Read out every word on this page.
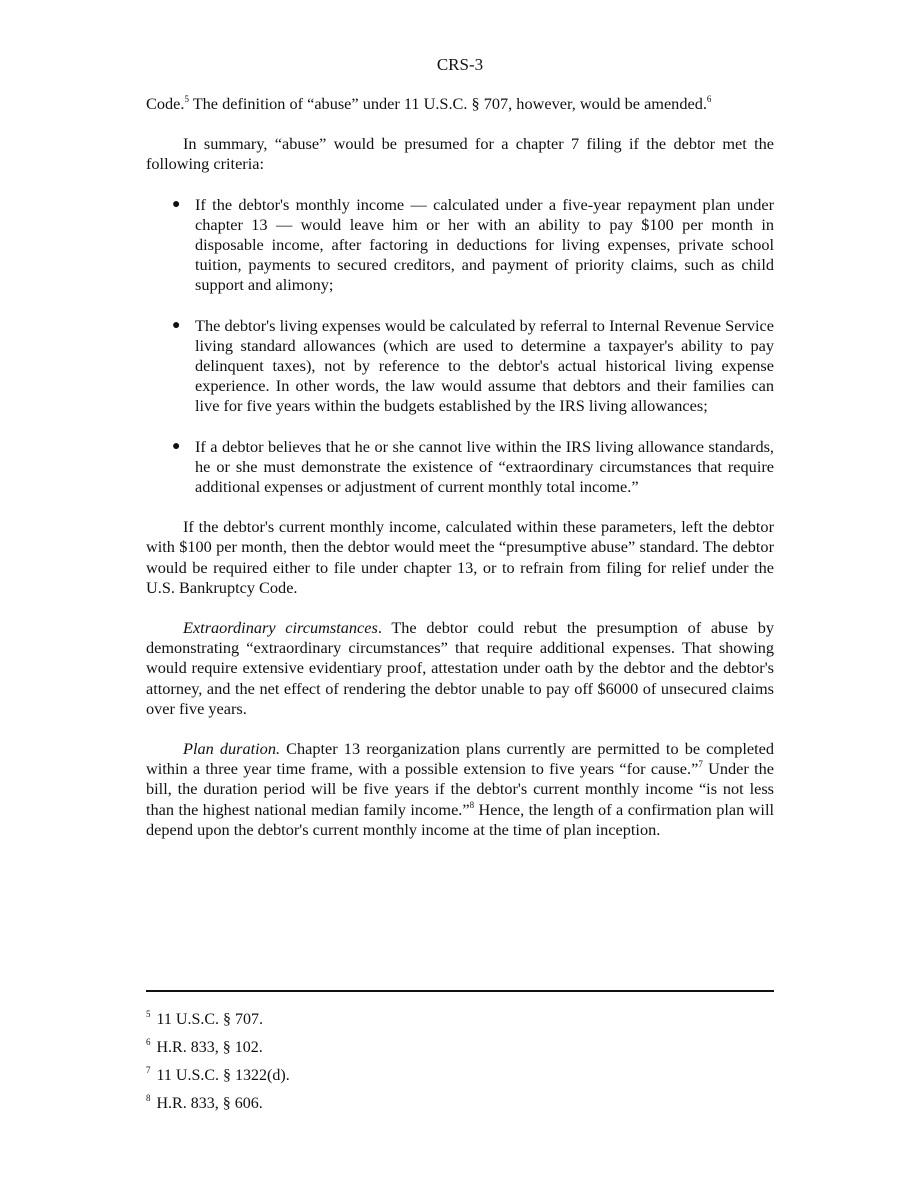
CRS-3

Code.$^5$ The definition of “abuse” under 11 U.S.C. § 707, however, would be amended.$^6$

In summary, “abuse” would be presumed for a chapter 7 filing if the debtor met the following criteria:

● If the debtor's monthly income — calculated under a five-year repayment plan under chapter 13 — would leave him or her with an ability to pay $100 per month in disposable income, after factoring in deductions for living expenses, private school tuition, payments to secured creditors, and payment of priority claims, such as child support and alimony;
● The debtor's living expenses would be calculated by referral to Internal Revenue Service living standard allowances (which are used to determine a taxpayer's ability to pay delinquent taxes), not by reference to the debtor's actual historical living expense experience. In other words, the law would assume that debtors and their families can live for five years within the budgets established by the IRS living allowances;
● If a debtor believes that he or she cannot live within the IRS living allowance standards, he or she must demonstrate the existence of “extraordinary circumstances that require additional expenses or adjustment of current monthly total income.”

If the debtor's current monthly income, calculated within these parameters, left the debtor with $100 per month, then the debtor would meet the “presumptive abuse” standard. The debtor would be required either to file under chapter 13, or to refrain from filing for relief under the U.S. Bankruptcy Code.

Extraordinary circumstances. The debtor could rebut the presumption of abuse by demonstrating “extraordinary circumstances” that require additional expenses. That showing would require extensive evidentiary proof, attestation under oath by the debtor and the debtor's attorney, and the net effect of rendering the debtor unable to pay off $6000 of unsecured claims over five years.

Plan duration. Chapter 13 reorganization plans currently are permitted to be completed within a three year time frame, with a possible extension to five years “for cause.”$^7$ Under the bill, the duration period will be five years if the debtor's current monthly income “is not less than the highest national median family income.”$^8$ Hence, the length of a confirmation plan will depend upon the debtor's current monthly income at the time of plan inception.

$^5$ 11 U.S.C. § 707.
$^6$ H.R. 833, § 102.
$^7$ 11 U.S.C. § 1322(d).
$^8$ H.R. 833, § 606.
